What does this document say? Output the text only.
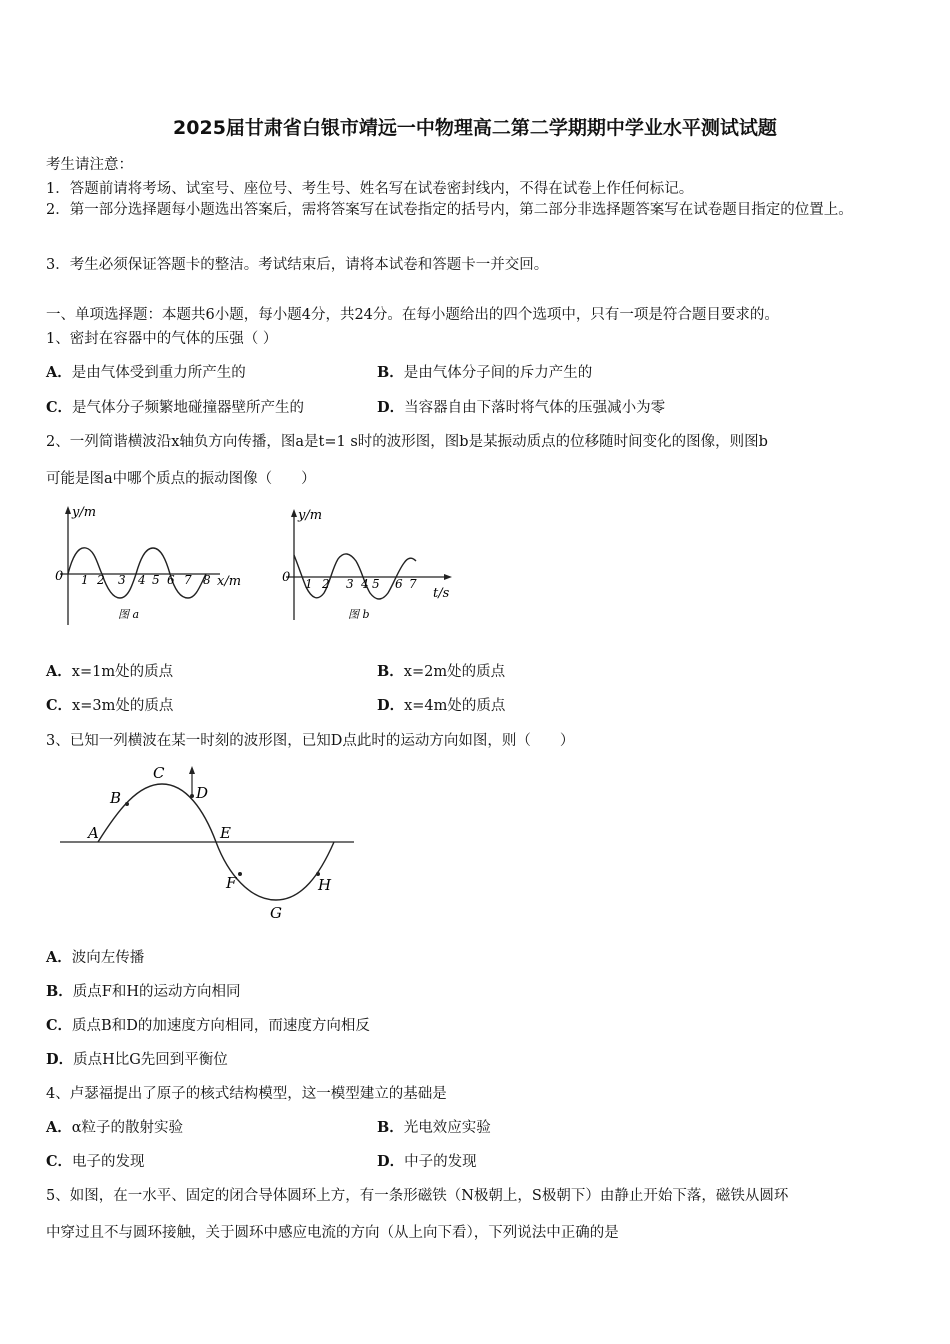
2025届甘肃省白银市靖远一中物理高二第二学期期中学业水平测试试题
考生请注意：
1．答题前请将考场、试室号、座位号、考生号、姓名写在试卷密封线内，不得在试卷上作任何标记。
2．第一部分选择题每小题选出答案后，需将答案写在试卷指定的括号内，第二部分非选择题答案写在试卷题目指定的位置上。
3．考生必须保证答题卡的整洁。考试结束后，请将本试卷和答题卡一并交回。
一、单项选择题：本题共6小题，每小题4分，共24分。在每小题给出的四个选项中，只有一项是符合题目要求的。
1、密封在容器中的气体的压强（ ）
A．是由气体受到重力所产生的	B．是由气体分子间的斥力产生的
C．是气体分子频繁地碰撞器壁所产生的	D．当容器自由下落时将气体的压强减小为零
2、一列简谐横波沿x轴负方向传播，图a是t=1 s时的波形图，图b是某振动质点的位移随时间变化的图像，则图b
可能是图a中哪个质点的振动图像（　　）
y/m
0 1 2 3 4 5 6 7 8 x/m
图 a
y/m
0 1 2 3 4 5 6 7
t/s
图 b
A．x=1m处的质点	B．x=2m处的质点
C．x=3m处的质点	D．x=4m处的质点
3、已知一列横波在某一时刻的波形图，已知D点此时的运动方向如图，则（　　）
A
B
C
D
E
F
G
H
A．波向左传播
B．质点F和H的运动方向相同
C．质点B和D的加速度方向相同，而速度方向相反
D．质点H比G先回到平衡位
4、卢瑟福提出了原子的核式结构模型，这一模型建立的基础是
A．α粒子的散射实验	B．光电效应实验
C．电子的发现	D．中子的发现
5、如图，在一水平、固定的闭合导体圆环上方，有一条形磁铁（N极朝上，S极朝下）由静止开始下落，磁铁从圆环
中穿过且不与圆环接触，关于圆环中感应电流的方向（从上向下看），下列说法中正确的是
